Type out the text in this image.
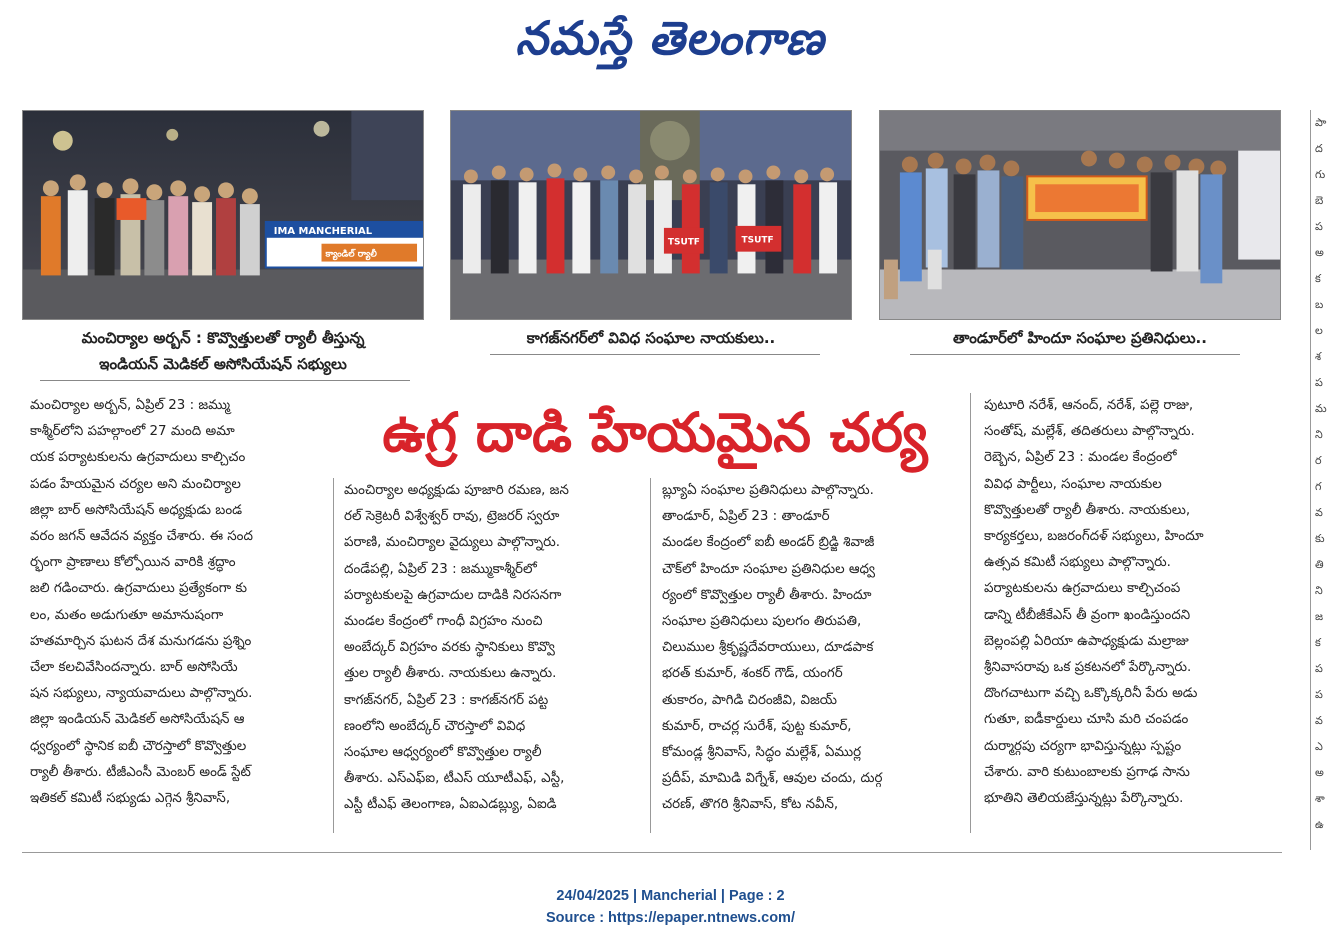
నమస్తే తెలంగాణ
IMA MANCHERIAL
క్యాండిల్ ర్యాలీ
మంచిర్యాల అర్బన్ : కొవ్వొత్తులతో ర్యాలీ తీస్తున్న
ఇండియన్ మెడికల్ అసోసియేషన్ సభ్యులు
TSUTF	TSUTF
కాగజ్‌నగర్‌లో వివిధ సంఘాల నాయకులు..	తాండూర్‌లో హిందూ సంఘాల ప్రతినిధులు..
ఉగ్ర దాడి హేయమైన చర్య

మంచిర్యాల అర్బన్, ఏప్రిల్ 23 : జమ్ము

కాశ్మీర్‌లోని పహల్గాంలో 27 మంది అమా

యక పర్యాటకులను ఉగ్రవాదులు కాల్చిచం

పడం హేయమైన చర్యల అని మంచిర్యాల

జిల్లా బార్ అసోసియేషన్ అధ్యక్షుడు బండ

వరం జగన్ ఆవేదన వ్యక్తం చేశారు. ఈ సంద

ర్భంగా ప్రాణాలు కోల్పోయిన వారికి శ్రద్ధాం

జలి గడించారు. ఉగ్రవాదులు ప్రత్యేకంగా కు

లం, మతం అడుగుతూ అమానుషంగా

హతమార్చిన ఘటన దేశ మనుగడను ప్రశ్నిం

చేలా కలచివేసిందన్నారు. బార్ అసోసియే

షన సభ్యులు, న్యాయవాదులు పాల్గొన్నారు.

జిల్లా ఇండియన్ మెడికల్ అసోసియేషన్ ఆ

ధ్వర్యంలో స్థానిక ఐబీ చౌరస్తాలో కొవ్వొత్తుల

ర్యాలీ తీశారు. టీజీఎంసీ మెంబర్ అండ్ స్టేట్

ఇతికల్ కమిటీ సభ్యుడు ఎగ్గెన శ్రీనివాస్,

మంచిర్యాల అధ్యక్షుడు పూజారి రమణ, జన

రల్ సెక్రెటరీ విశ్వేశ్వర్ రావు, ట్రెజరర్ స్వరూ

పరాణి, మంచిర్యాల వైద్యులు పాల్గొన్నారు.

దండేపల్లి, ఏప్రిల్ 23 : జమ్ముకాశ్మీర్‌లో

పర్యాటకులపై ఉగ్రవాదుల దాడికి నిరసనగా

మండల కేంద్రంలో గాంధీ విగ్రహం నుంచి

అంబేద్కర్ విగ్రహం వరకు స్థానికులు కొవ్వొ

త్తుల ర్యాలీ తీశారు. నాయకులు ఉన్నారు.

కాగజ్‌నగర్, ఏప్రిల్ 23 : కాగజ్‌నగర్ పట్ట

ణంలోని అంబేద్కర్ చౌరస్తాలో వివిధ

సంఘాల ఆధ్వర్యంలో కొవ్వొత్తుల ర్యాలీ

తీశారు. ఎస్ఎఫ్ఐ, టీఎస్ యూటీఎఫ్, ఎస్టీ,

ఎస్టీ టీఎఫ్ తెలంగాణ, ఏఐఎడబ్ల్యు, ఏఐడి

బ్ల్యూఏ సంఘాల ప్రతినిధులు పాల్గొన్నారు.

తాండూర్, ఏప్రిల్ 23 : తాండూర్

మండల కేంద్రంలో ఐబీ అండర్ బ్రిడ్జి శివాజీ

చౌక్‌లో హిందూ సంఘాల ప్రతినిధుల ఆధ్వ

ర్యంలో కొవ్వొత్తుల ర్యాలీ తీశారు. హిందూ

సంఘాల ప్రతినిధులు పులగం తిరుపతి,

చిలుముల శ్రీకృష్ణదేవరాయులు, దూడపాక

భరత్ కుమార్, శంకర్ గౌడ్, యంగర్

తుకారం, పాగిడి చిరంజీవి, విజయ్

కుమార్, రాచర్ల సురేశ్, పుట్ట కుమార్,

కోమండ్ల శ్రీనివాస్, సిద్ధం మల్లేశ్, ఏముర్ల

ప్రదీప్, మామిడి విగ్నేశ్, ఆవుల చందు, దుర్గ

చరణ్, తొగరి శ్రీనివాస్, కోట నవీన్,

పుటూరి నరేశ్, ఆనంద్, నరేశ్, పల్లె రాజు,

సంతోష్, మల్లేశ్, తదితరులు పాల్గొన్నారు.

రెబ్బెన, ఏప్రిల్ 23 : మండల కేంద్రంలో

వివిధ పార్టీలు, సంఘాల నాయకుల

కొవ్వొత్తులతో ర్యాలీ తీశారు. నాయకులు,

కార్యకర్తలు, బజరంగ్‌దళ్ సభ్యులు, హిందూ

ఉత్సవ కమిటీ సభ్యులు పాల్గొన్నారు.

పర్యాటకులను ఉగ్రవాదులు కాల్చిచంప

డాన్ని టీబీజీకేఎస్ తీ వ్రంగా ఖండిస్తుందని

బెల్లంపల్లి ఏరియా ఉపాధ్యక్షుడు మల్రాజు

శ్రీనివాసరావు ఒక ప్రకటనలో పేర్కొన్నారు.

దొంగచాటుగా వచ్చి ఒక్కొక్కరినీ పేరు అడు

గుతూ, ఐడీకార్డులు చూసి మరి చంపడం

దుర్మార్గపు చర్యగా భావిస్తున్నట్లు స్పష్టం

చేశారు. వారి కుటుంబాలకు ప్రగాఢ సాను

భూతిని తెలియజేస్తున్నట్లు పేర్కొన్నారు.

పా
ద
గు
బె
ప
అ
క
బ
ల
శ
ప
మ
ని
ర
గ
వ
కు
తి
ని
జ
క
ప
ప
వ
ఎ
అ
శా
ఉ
24/04/2025 | Mancherial | Page : 2
Source : https://epaper.ntnews.com/
